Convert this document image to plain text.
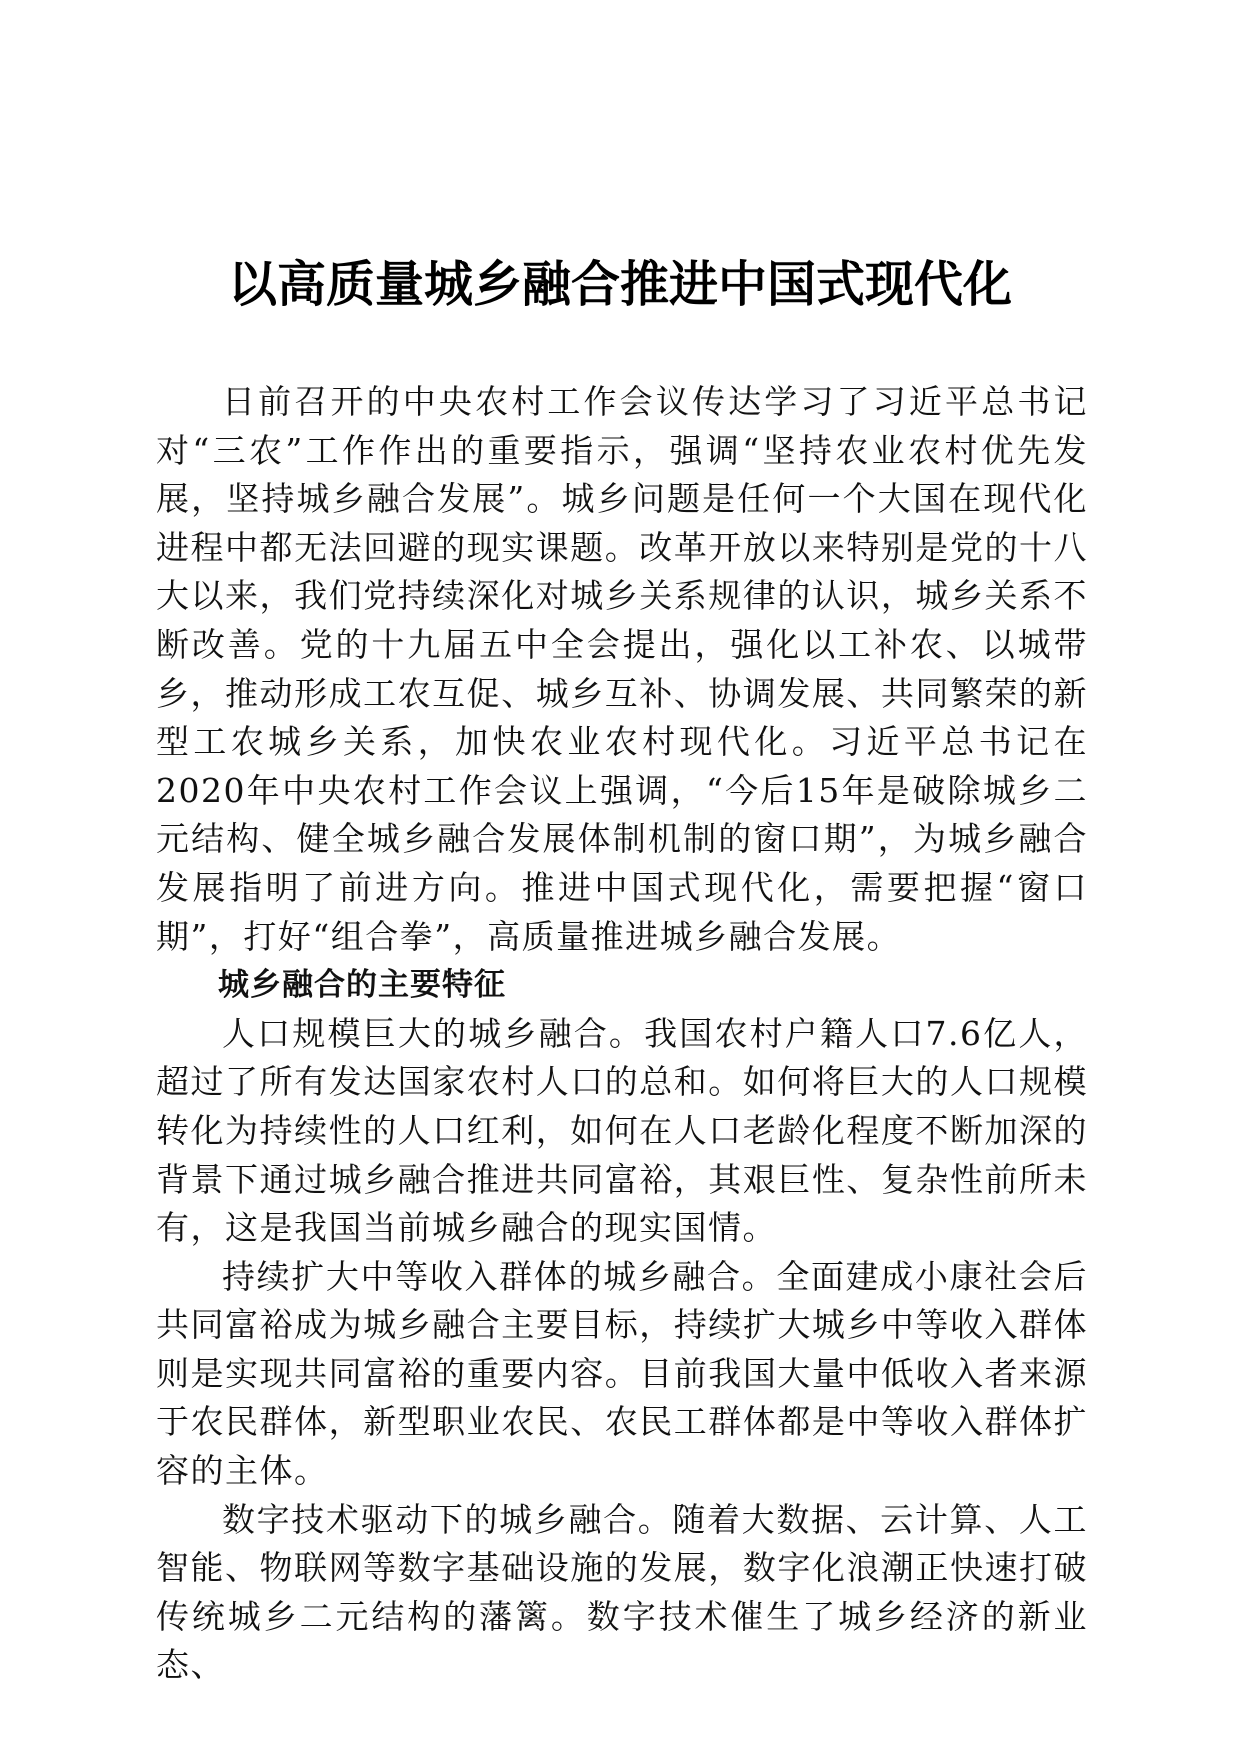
以高质量城乡融合推进中国式现代化

日前召开的中央农村工作会议传达学习了习近平总书记对“三农”工作作出的重要指示，强调“坚持农业农村优先发展，坚持城乡融合发展”。城乡问题是任何一个大国在现代化进程中都无法回避的现实课题。改革开放以来特别是党的十八大以来，我们党持续深化对城乡关系规律的认识，城乡关系不断改善。党的十九届五中全会提出，强化以工补农、以城带乡，推动形成工农互促、城乡互补、协调发展、共同繁荣的新型工农城乡关系，加快农业农村现代化。习近平总书记在2020年中央农村工作会议上强调，“今后15年是破除城乡二元结构、健全城乡融合发展体制机制的窗口期”，为城乡融合发展指明了前进方向。推进中国式现代化，需要把握“窗口期”，打好“组合拳”，高质量推进城乡融合发展。

城乡融合的主要特征

人口规模巨大的城乡融合。我国农村户籍人口7.6亿人，超过了所有发达国家农村人口的总和。如何将巨大的人口规模转化为持续性的人口红利，如何在人口老龄化程度不断加深的背景下通过城乡融合推进共同富裕，其艰巨性、复杂性前所未有，这是我国当前城乡融合的现实国情。

持续扩大中等收入群体的城乡融合。全面建成小康社会后共同富裕成为城乡融合主要目标，持续扩大城乡中等收入群体则是实现共同富裕的重要内容。目前我国大量中低收入者来源于农民群体，新型职业农民、农民工群体都是中等收入群体扩容的主体。

数字技术驱动下的城乡融合。随着大数据、云计算、人工智能、物联网等数字基础设施的发展，数字化浪潮正快速打破传统城乡二元结构的藩篱。数字技术催生了城乡经济的新业态、
